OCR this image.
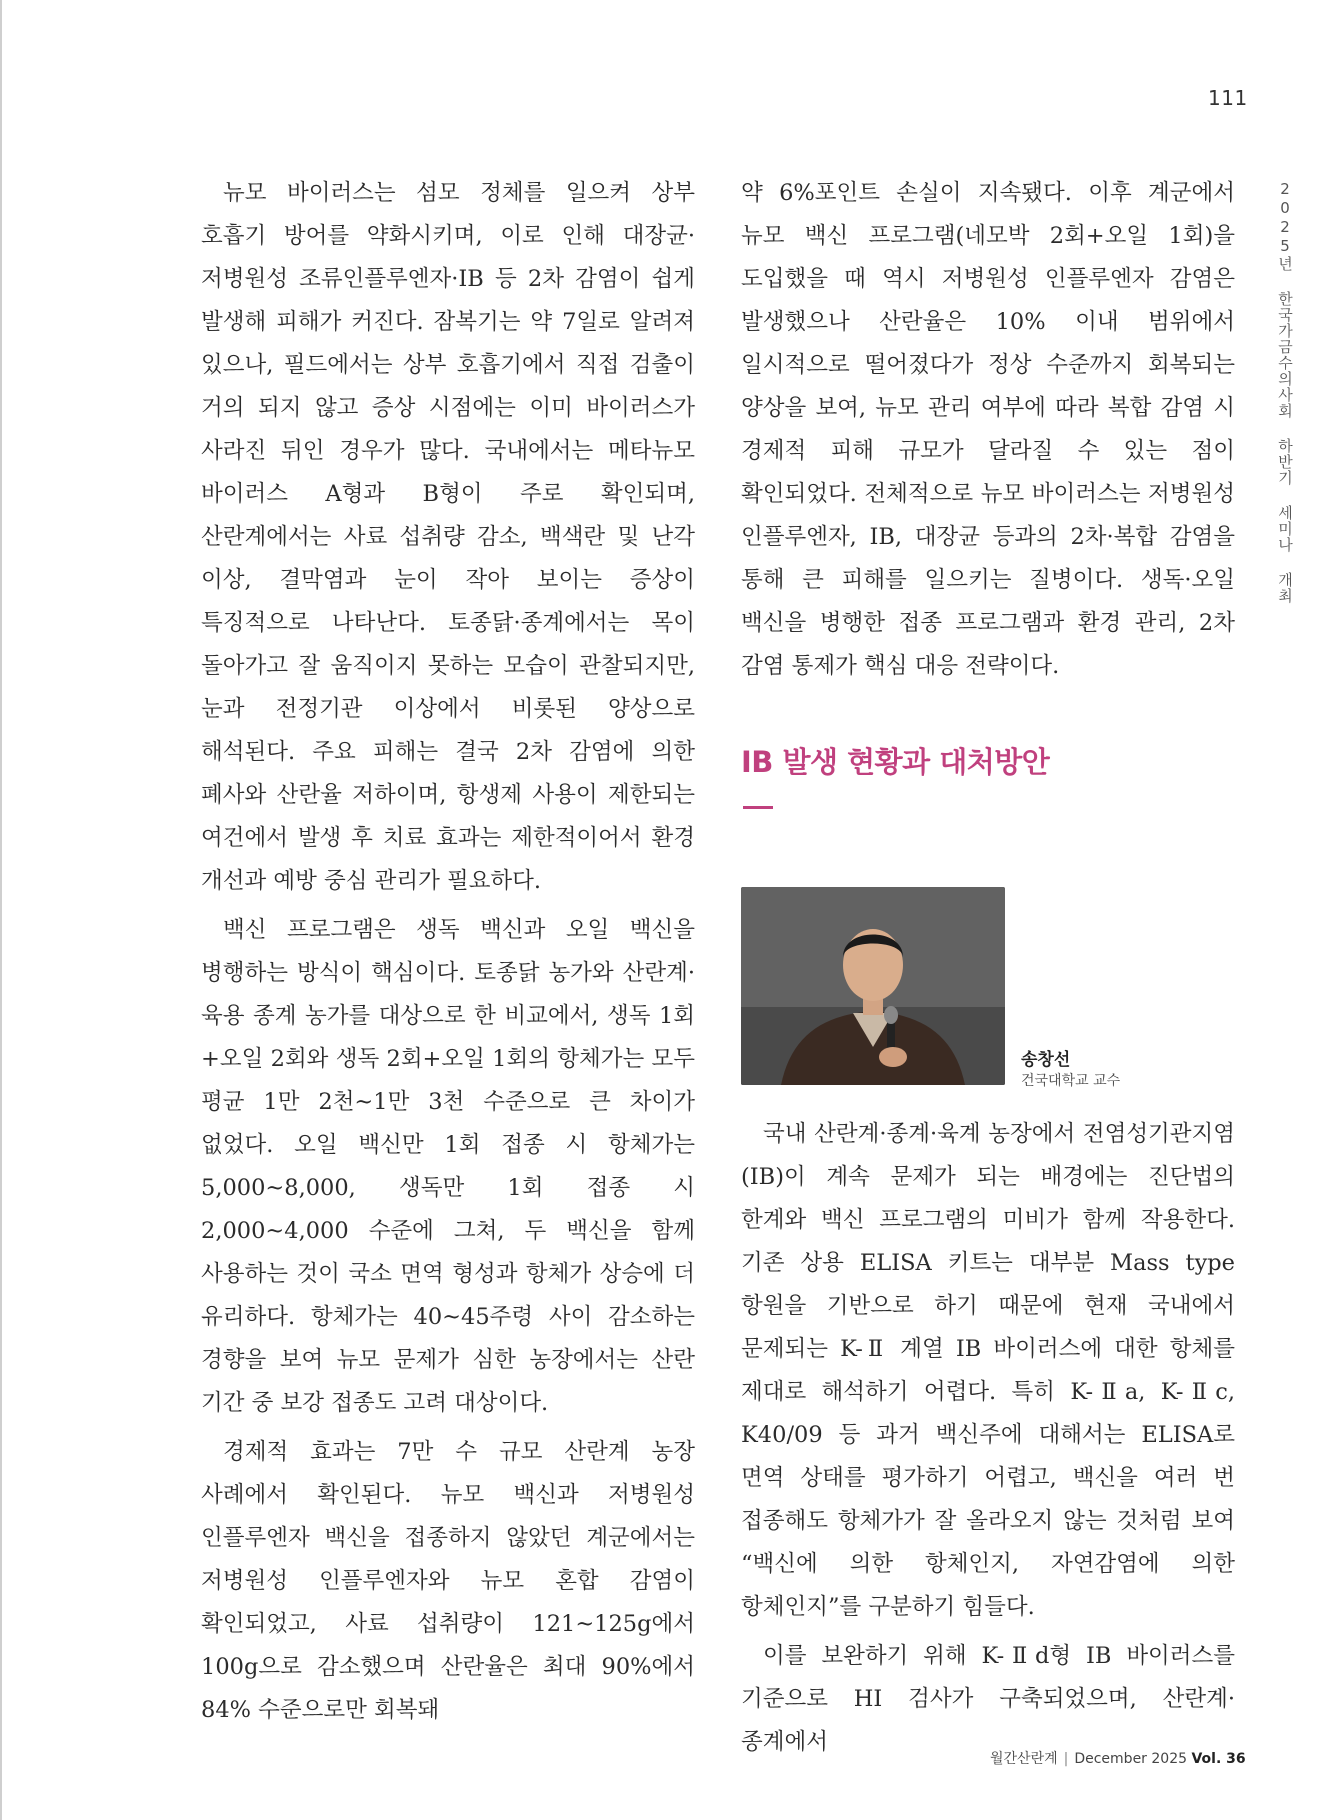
111
2025년 한국가금수의사회 하반기 세미나 개최

뉴모 바이러스는 섬모 정체를 일으켜 상부 호흡기 방어를 약화시키며, 이로 인해 대장균·저병원성 조류인플루엔자·IB 등 2차 감염이 쉽게 발생해 피해가 커진다. 잠복기는 약 7일로 알려져 있으나, 필드에서는 상부 호흡기에서 직접 검출이 거의 되지 않고 증상 시점에는 이미 바이러스가 사라진 뒤인 경우가 많다. 국내에서는 메타뉴모 바이러스 A형과 B형이 주로 확인되며, 산란계에서는 사료 섭취량 감소, 백색란 및 난각 이상, 결막염과 눈이 작아 보이는 증상이 특징적으로 나타난다. 토종닭·종계에서는 목이 돌아가고 잘 움직이지 못하는 모습이 관찰되지만, 눈과 전정기관 이상에서 비롯된 양상으로 해석된다. 주요 피해는 결국 2차 감염에 의한 폐사와 산란율 저하이며, 항생제 사용이 제한되는 여건에서 발생 후 치료 효과는 제한적이어서 환경 개선과 예방 중심 관리가 필요하다.

백신 프로그램은 생독 백신과 오일 백신을 병행하는 방식이 핵심이다. 토종닭 농가와 산란계·육용 종계 농가를 대상으로 한 비교에서, 생독 1회+오일 2회와 생독 2회+오일 1회의 항체가는 모두 평균 1만 2천~1만 3천 수준으로 큰 차이가 없었다. 오일 백신만 1회 접종 시 항체가는 5,000~8,000, 생독만 1회 접종 시 2,000~4,000 수준에 그쳐, 두 백신을 함께 사용하는 것이 국소 면역 형성과 항체가 상승에 더 유리하다. 항체가는 40~45주령 사이 감소하는 경향을 보여 뉴모 문제가 심한 농장에서는 산란 기간 중 보강 접종도 고려 대상이다.

경제적 효과는 7만 수 규모 산란계 농장 사례에서 확인된다. 뉴모 백신과 저병원성 인플루엔자 백신을 접종하지 않았던 계군에서는 저병원성 인플루엔자와 뉴모 혼합 감염이 확인되었고, 사료 섭취량이 121~125g에서 100g으로 감소했으며 산란율은 최대 90%에서 84% 수준으로만 회복돼

약 6%포인트 손실이 지속됐다. 이후 계군에서 뉴모 백신 프로그램(네모박 2회+오일 1회)을 도입했을 때 역시 저병원성 인플루엔자 감염은 발생했으나 산란율은 10% 이내 범위에서 일시적으로 떨어졌다가 정상 수준까지 회복되는 양상을 보여, 뉴모 관리 여부에 따라 복합 감염 시 경제적 피해 규모가 달라질 수 있는 점이 확인되었다. 전체적으로 뉴모 바이러스는 저병원성 인플루엔자, IB, 대장균 등과의 2차·복합 감염을 통해 큰 피해를 일으키는 질병이다. 생독·오일 백신을 병행한 접종 프로그램과 환경 관리, 2차 감염 통제가 핵심 대응 전략이다.

IB 발생 현황과 대처방안

송창선

건국대학교 교수

국내 산란계·종계·육계 농장에서 전염성기관지염(IB)이 계속 문제가 되는 배경에는 진단법의 한계와 백신 프로그램의 미비가 함께 작용한다. 기존 상용 ELISA 키트는 대부분 Mass type 항원을 기반으로 하기 때문에 현재 국내에서 문제되는 K-Ⅱ 계열 IB 바이러스에 대한 항체를 제대로 해석하기 어렵다. 특히 K-Ⅱa, K-Ⅱc, K40/09 등 과거 백신주에 대해서는 ELISA로 면역 상태를 평가하기 어렵고, 백신을 여러 번 접종해도 항체가가 잘 올라오지 않는 것처럼 보여 “백신에 의한 항체인지, 자연감염에 의한 항체인지”를 구분하기 힘들다.

이를 보완하기 위해 K-Ⅱd형 IB 바이러스를 기준으로 HI 검사가 구축되었으며, 산란계·종계에서

월간산란계 | December 2025 Vol. 36
